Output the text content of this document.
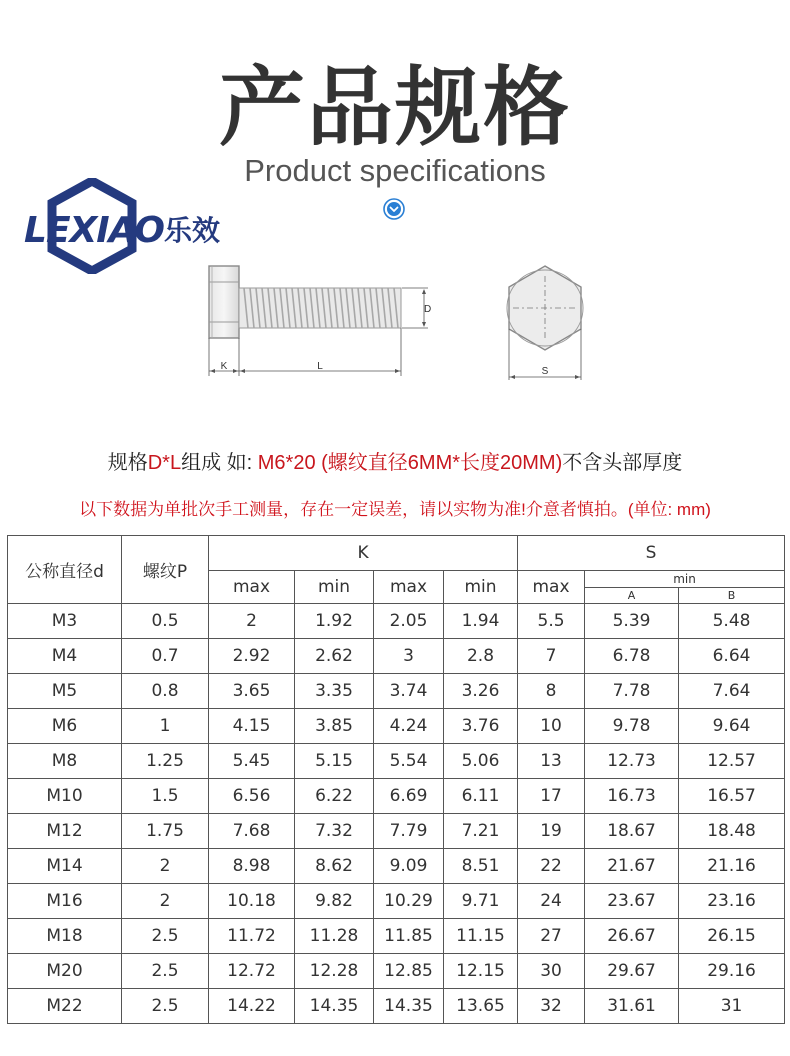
产品规格
Product specifications
LEXIAO 乐效
D
K	L	S
规格D*L组成 如: M6*20 (螺纹直径6MM*长度20MM)不含头部厚度
以下数据为单批次手工测量，存在一定误差，请以实物为准!介意者慎拍。(单位: mm)
公称直径d	螺纹P	K				S		
		max	min	max	min	max	min	
							A	B
M3	0.5	2	1.92	2.05	1.94	5.5	5.39	5.48
M4	0.7	2.92	2.62	3	2.8	7	6.78	6.64
M5	0.8	3.65	3.35	3.74	3.26	8	7.78	7.64
M6	1	4.15	3.85	4.24	3.76	10	9.78	9.64
M8	1.25	5.45	5.15	5.54	5.06	13	12.73	12.57
M10	1.5	6.56	6.22	6.69	6.11	17	16.73	16.57
M12	1.75	7.68	7.32	7.79	7.21	19	18.67	18.48
M14	2	8.98	8.62	9.09	8.51	22	21.67	21.16
M16	2	10.18	9.82	10.29	9.71	24	23.67	23.16
M18	2.5	11.72	11.28	11.85	11.15	27	26.67	26.15
M20	2.5	12.72	12.28	12.85	12.15	30	29.67	29.16
M22	2.5	14.22	14.35	14.35	13.65	32	31.61	31
